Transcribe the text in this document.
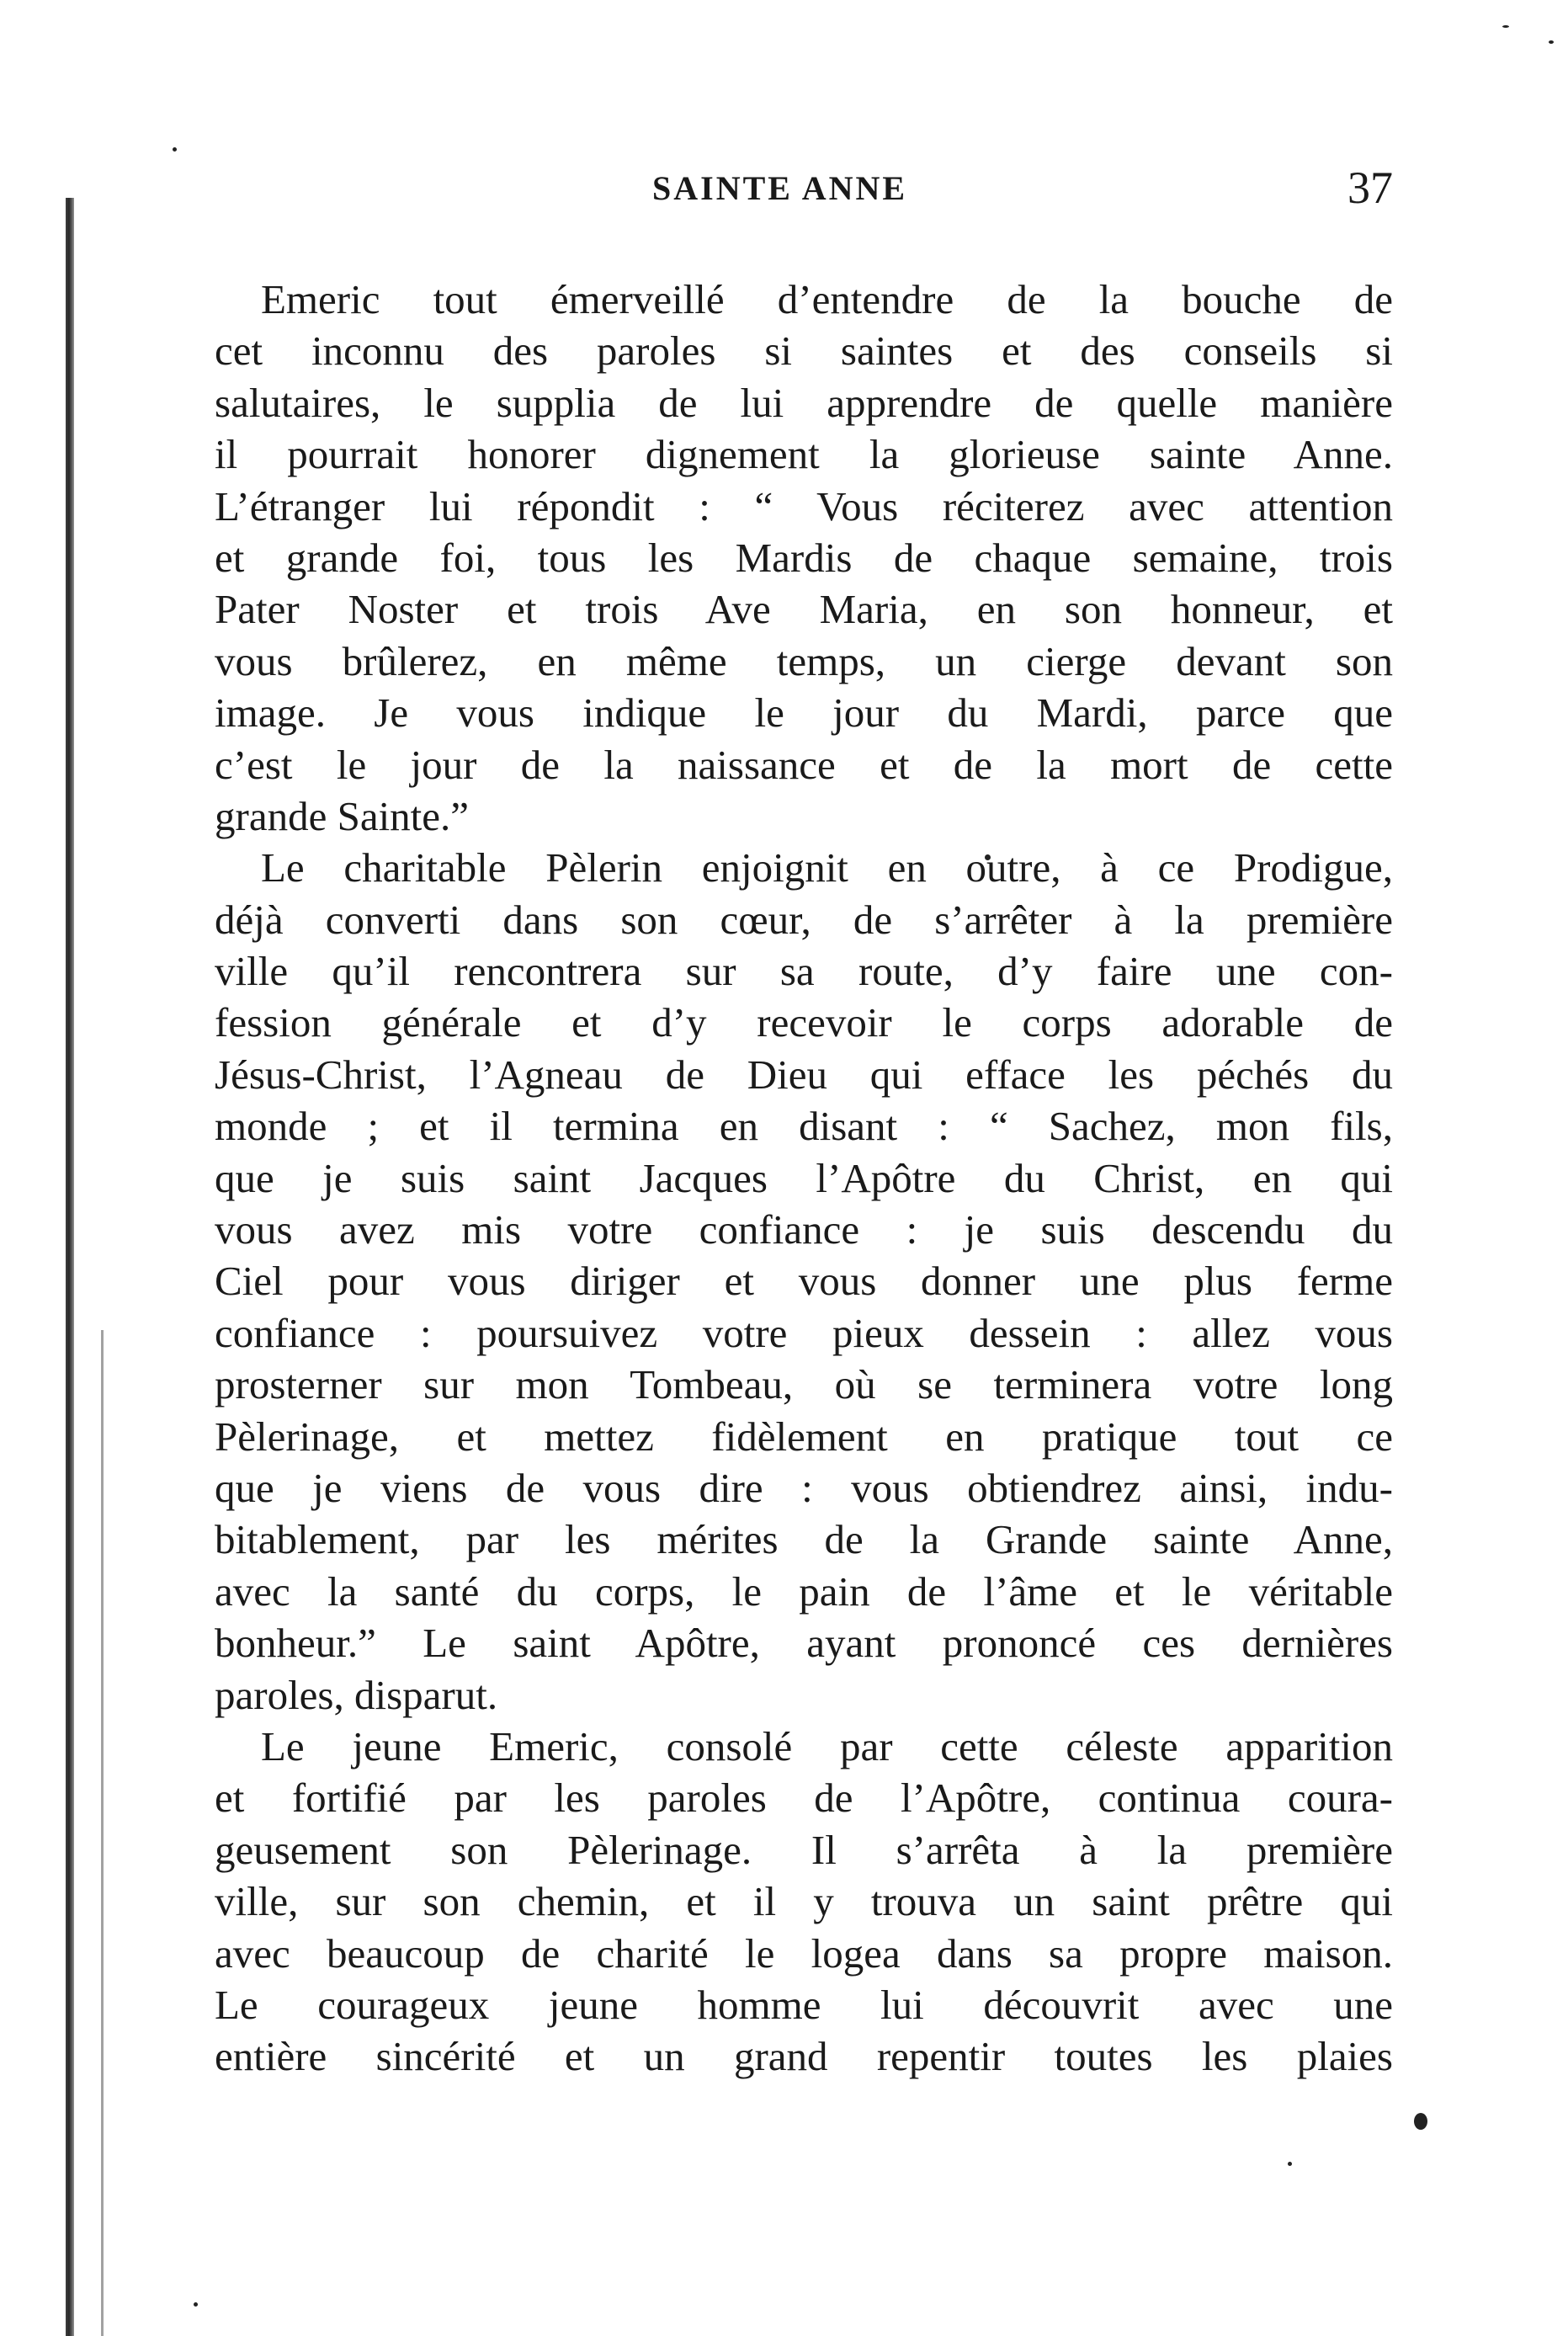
SAINTE ANNE	37
Emeric tout émerveillé d’entendre de la bouche de
cet inconnu des paroles si saintes et des conseils si
salutaires, le supplia de lui apprendre de quelle manière
il pourrait honorer dignement la glorieuse sainte Anne.
L’étranger lui répondit : “ Vous réciterez avec attention
et grande foi, tous les Mardis de chaque semaine, trois
Pater Noster et trois Ave Maria, en son honneur, et
vous brûlerez, en même temps, un cierge devant son
image. Je vous indique le jour du Mardi, parce que
c’est le jour de la naissance et de la mort de cette
grande Sainte.”
Le charitable Pèlerin enjoignit en outre, à ce Prodigue,
déjà converti dans son cœur, de s’arrêter à la première
ville qu’il rencontrera sur sa route, d’y faire une con-
fession générale et d’y recevoir le corps adorable de
Jésus-Christ, l’Agneau de Dieu qui efface les péchés du
monde ; et il termina en disant : “ Sachez, mon fils,
que je suis saint Jacques l’Apôtre du Christ, en qui
vous avez mis votre confiance : je suis descendu du
Ciel pour vous diriger et vous donner une plus ferme
confiance : poursuivez votre pieux dessein : allez vous
prosterner sur mon Tombeau, où se terminera votre long
Pèlerinage, et mettez fidèlement en pratique tout ce
que je viens de vous dire : vous obtiendrez ainsi, indu-
bitablement, par les mérites de la Grande sainte Anne,
avec la santé du corps, le pain de l’âme et le véritable
bonheur.” Le saint Apôtre, ayant prononcé ces dernières
paroles, disparut.
Le jeune Emeric, consolé par cette céleste apparition
et fortifié par les paroles de l’Apôtre, continua coura-
geusement son Pèlerinage. Il s’arrêta à la première
ville, sur son chemin, et il y trouva un saint prêtre qui
avec beaucoup de charité le logea dans sa propre maison.
Le courageux jeune homme lui découvrit avec une
entière sincérité et un grand repentir toutes les plaies
